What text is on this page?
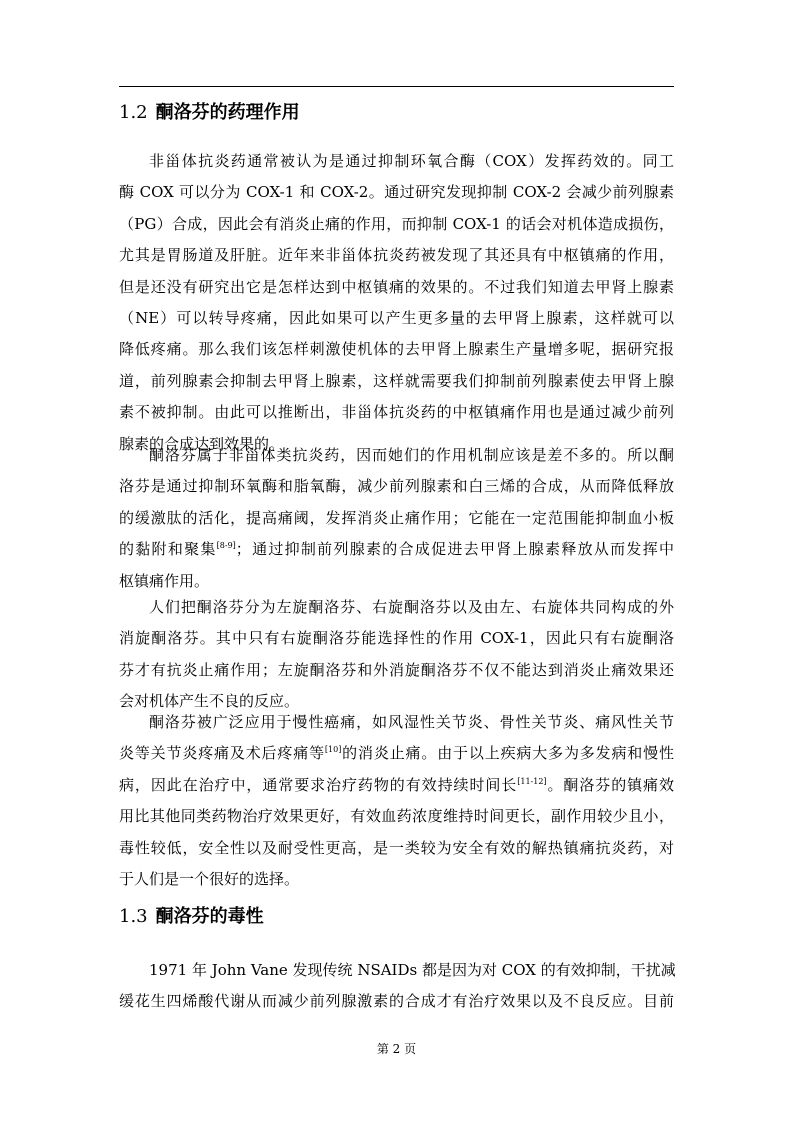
1.2 酮洛芬的药理作用
非甾体抗炎药通常被认为是通过抑制环氧合酶（COX）发挥药效的。同工
酶 COX 可以分为 COX-1 和 COX-2。通过研究发现抑制 COX-2 会减少前列腺素
（PG）合成，因此会有消炎止痛的作用，而抑制 COX-1 的话会对机体造成损伤，
尤其是胃肠道及肝脏。近年来非甾体抗炎药被发现了其还具有中枢镇痛的作用，
但是还没有研究出它是怎样达到中枢镇痛的效果的。不过我们知道去甲肾上腺素
（NE）可以转导疼痛，因此如果可以产生更多量的去甲肾上腺素，这样就可以
降低疼痛。那么我们该怎样刺激使机体的去甲肾上腺素生产量增多呢，据研究报
道，前列腺素会抑制去甲肾上腺素，这样就需要我们抑制前列腺素使去甲肾上腺
素不被抑制。由此可以推断出，非甾体抗炎药的中枢镇痛作用也是通过减少前列
腺素的合成达到效果的。
酮洛芬属于非甾体类抗炎药，因而她们的作用机制应该是差不多的。所以酮
洛芬是通过抑制环氧酶和脂氧酶，减少前列腺素和白三烯的合成，从而降低释放
的缓激肽的活化，提高痛阈，发挥消炎止痛作用；它能在一定范围能抑制血小板
的黏附和聚集[8-9]；通过抑制前列腺素的合成促进去甲肾上腺素释放从而发挥中
枢镇痛作用。
人们把酮洛芬分为左旋酮洛芬、右旋酮洛芬以及由左、右旋体共同构成的外
消旋酮洛芬。其中只有右旋酮洛芬能选择性的作用 COX-1，因此只有右旋酮洛
芬才有抗炎止痛作用；左旋酮洛芬和外消旋酮洛芬不仅不能达到消炎止痛效果还
会对机体产生不良的反应。
酮洛芬被广泛应用于慢性癌痛，如风湿性关节炎、骨性关节炎、痛风性关节
炎等关节炎疼痛及术后疼痛等[10]的消炎止痛。由于以上疾病大多为多发病和慢性
病，因此在治疗中，通常要求治疗药物的有效持续时间长[11-12]。酮洛芬的镇痛效
用比其他同类药物治疗效果更好，有效血药浓度维持时间更长，副作用较少且小，
毒性较低，安全性以及耐受性更高，是一类较为安全有效的解热镇痛抗炎药，对
于人们是一个很好的选择。
1.3 酮洛芬的毒性
1971 年 John Vane 发现传统 NSAIDs 都是因为对 COX 的有效抑制，干扰减
缓花生四烯酸代谢从而减少前列腺激素的合成才有治疗效果以及不良反应。目前
第 2 页
